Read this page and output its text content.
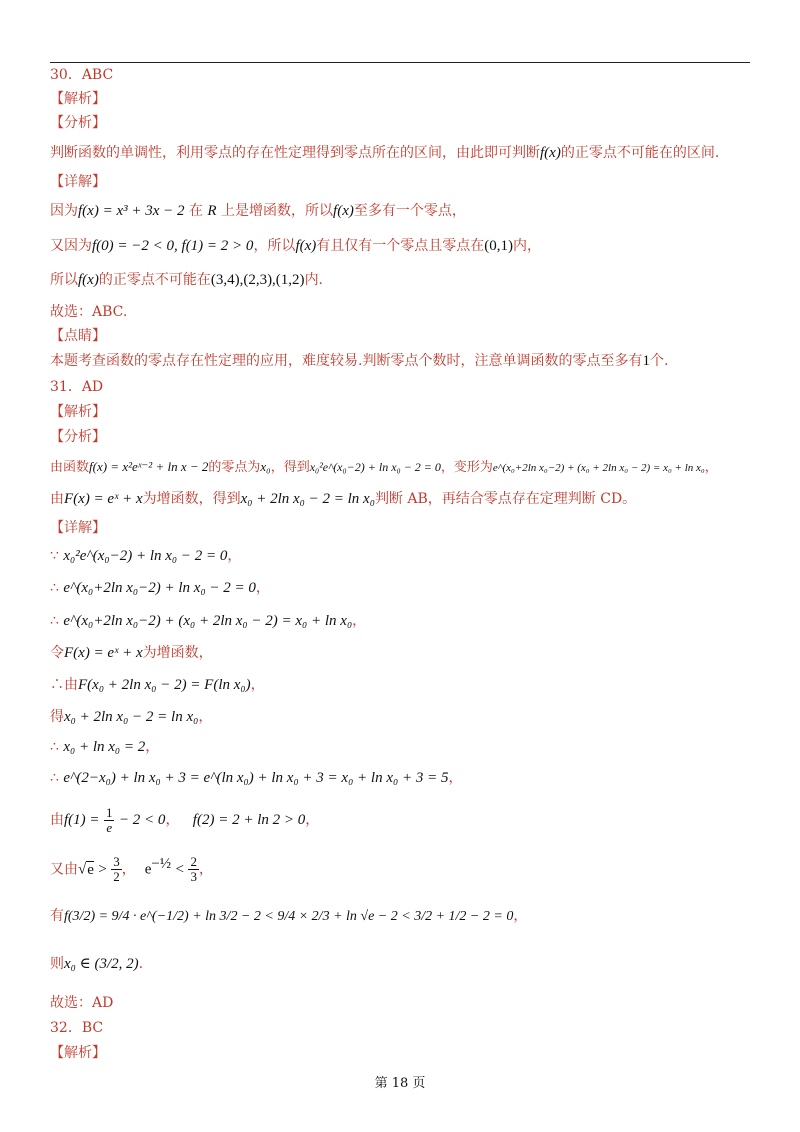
30．ABC
【解析】
【分析】
判断函数的单调性，利用零点的存在性定理得到零点所在的区间，由此即可判断f(x)的正零点不可能在的区间.
【详解】
因为f(x) = x³ + 3x − 2 在 R 上是增函数，所以f(x)至多有一个零点，
又因为f(0) = −2 < 0, f(1) = 2 > 0，所以f(x)有且仅有一个零点且零点在(0,1)内，
所以f(x)的正零点不可能在(3,4),(2,3),(1,2)内.
故选：ABC.
【点睛】
本题考查函数的零点存在性定理的应用，难度较易.判断零点个数时，注意单调函数的零点至多有1个.
31．AD
【解析】
【分析】
由函数f(x) = x²eˣ⁻² + ln x − 2的零点为x₀，得到x₀²e^(x₀−2) + ln x₀ − 2 = 0，变形为e^(x₀+2ln x₀−2) + (x₀ + 2ln x₀ − 2) = x₀ + ln x₀，
由F(x) = eˣ + x为增函数，得到x₀ + 2ln x₀ − 2 = ln x₀判断 AB，再结合零点存在定理判断 CD。
【详解】
∵ x₀²e^(x₀−2) + ln x₀ − 2 = 0，
∴ e^(x₀+2ln x₀−2) + ln x₀ − 2 = 0，
∴ e^(x₀+2ln x₀−2) + (x₀ + 2ln x₀ − 2) = x₀ + ln x₀，
令F(x) = eˣ + x为增函数，
∴由F(x₀ + 2ln x₀ − 2) = F(ln x₀)，
得x₀ + 2ln x₀ − 2 = ln x₀，
∴ x₀ + ln x₀ = 2，
∴ e^(2−x₀) + ln x₀ + 3 = e^(ln x₀) + ln x₀ + 3 = x₀ + ln x₀ + 3 = 5，
由$f(1) = \frac{1}{e} - 2 < 0$， f(2) = 2 + ln 2 > 0，
又由$√e > \frac{3}{2}$ ， $e^{-\frac{1}{2}} < \frac{2}{3}$ ，
有f(3/2) = 9/4 · e^(−1/2) + ln 3/2 − 2 < 9/4 × 2/3 + ln √e − 2 < 3/2 + 1/2 − 2 = 0，
则x₀ ∈ (3/2, 2).
故选：AD
32．BC
【解析】
第 18 页
